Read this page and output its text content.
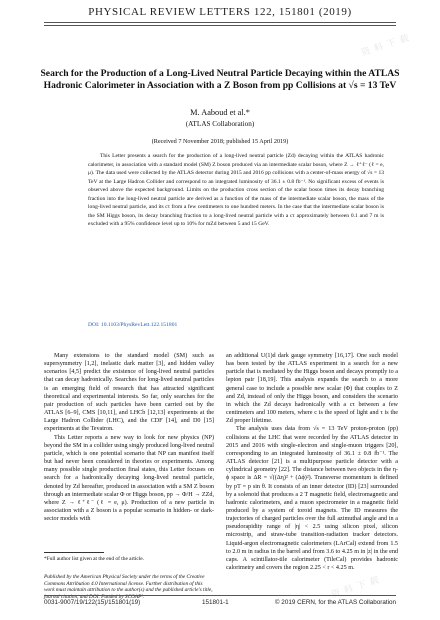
资 料 下 载
资 料 下 载
PHYSICAL REVIEW LETTERS 122, 151801 (2019)
Search for the Production of a Long-Lived Neutral Particle Decaying within the ATLAS
Hadronic Calorimeter in Association with a Z Boson from pp Collisions at √s = 13 TeV
M. Aaboud et al.*
(ATLAS Collaboration)
(Received 7 November 2018; published 15 April 2019)
This Letter presents a search for the production of a long-lived neutral particle (Zd) decaying within the ATLAS hadronic calorimeter, in association with a standard model (SM) Z boson produced via an intermediate scalar boson, where Z → ℓ⁺ℓ⁻ (ℓ = e, μ). The data used were collected by the ATLAS detector during 2015 and 2016 pp collisions with a center-of-mass energy of √s = 13 TeV at the Large Hadron Collider and correspond to an integrated luminosity of 36.1 ± 0.8 fb⁻¹. No significant excess of events is observed above the expected background. Limits on the production cross section of the scalar boson times its decay branching fraction into the long-lived neutral particle are derived as a function of the mass of the intermediate scalar boson, the mass of the long-lived neutral particle, and its cτ from a few centimeters to one hundred meters. In the case that the intermediate scalar boson is the SM Higgs boson, its decay branching fraction to a long-lived neutral particle with a cτ approximately between 0.1 and 7 m is excluded with a 95% confidence level up to 10% for mZd between 5 and 15 GeV.
DOI: 10.1103/PhysRevLett.122.151801

Many extensions to the standard model (SM) such as supersymmetry [1,2], inelastic dark matter [3], and hidden valley scenarios [4,5] predict the existence of long-lived neutral particles that can decay hadronically. Searches for long-lived neutral particles is an emerging field of research that has attracted significant theoretical and experimental interests. So far, only searches for the pair production of such particles have been carried out by the ATLAS [6–9], CMS [10,11], and LHCb [12,13] experiments at the Large Hadron Collider (LHC), and the CDF [14], and D0 [15] experiments at the Tevatron.

This Letter reports a new way to look for new physics (NP) beyond the SM in a collider using singly produced long-lived neutral particle, which is one potential scenario that NP can manifest itself but had never been considered in theories or experiments. Among many possible single production final states, this Letter focuses on search for a hadronically decaying long-lived neutral particle, denoted by Zd hereafter, produced in association with a SM Z boson through an intermediate scalar Φ or Higgs boson, pp → Φ/H → ZZd, where Z → ℓ⁺ℓ⁻ (ℓ = e, μ). Production of a new particle in association with a Z boson is a popular scenario in hidden- or dark-sector models with

an additional U(1)d dark gauge symmetry [16,17]. One such model has been tested by the ATLAS experiment in a search for a new particle that is mediated by the Higgs boson and decays promptly to a lepton pair [18,19]. This analysis expands the search to a more general case to include a possible new scalar (Φ) that couples to Z and Zd, instead of only the Higgs boson, and considers the scenario in which the Zd decays hadronically with a cτ between a few centimeters and 100 meters, where c is the speed of light and τ is the Zd proper lifetime.

The analysis uses data from √s = 13 TeV proton-proton (pp) collisions at the LHC that were recorded by the ATLAS detector in 2015 and 2016 with single-electron and single-muon triggers [20], corresponding to an integrated luminosity of 36.1 ± 0.8 fb⁻¹. The ATLAS detector [21] is a multipurpose particle detector with a cylindrical geometry [22]. The distance between two objects in the η-ϕ space is ΔR = √((Δη)² + (Δϕ)²). Transverse momentum is defined by pT = p sin θ. It consists of an inner detector (ID) [23] surrounded by a solenoid that produces a 2 T magnetic field, electromagnetic and hadronic calorimeters, and a muon spectrometer in a magnetic field produced by a system of toroid magnets. The ID measures the trajectories of charged particles over the full azimuthal angle and in a pseudorapidity range of |η| < 2.5 using silicon pixel, silicon microstrip, and straw-tube transition-radiation tracker detectors. Liquid-argon electromagnetic calorimeters (LArCal) extend from 1.5 to 2.0 m in radius in the barrel and from 3.6 to 4.25 m in |z| in the end caps. A scintillator-tile calorimeter (TileCal) provides hadronic calorimetry and covers the region 2.25 < r < 4.25 m.

*Full author list given at the end of the article.
Published by the American Physical Society under the terms of the Creative Commons Attribution 4.0 International license. Further distribution of this work must maintain attribution to the author(s) and the published article's title, journal citation, and DOI. Funded by SCOAP³.
0031-9007/19/122(15)/151801(19)	151801-1	© 2019 CERN, for the ATLAS Collaboration
